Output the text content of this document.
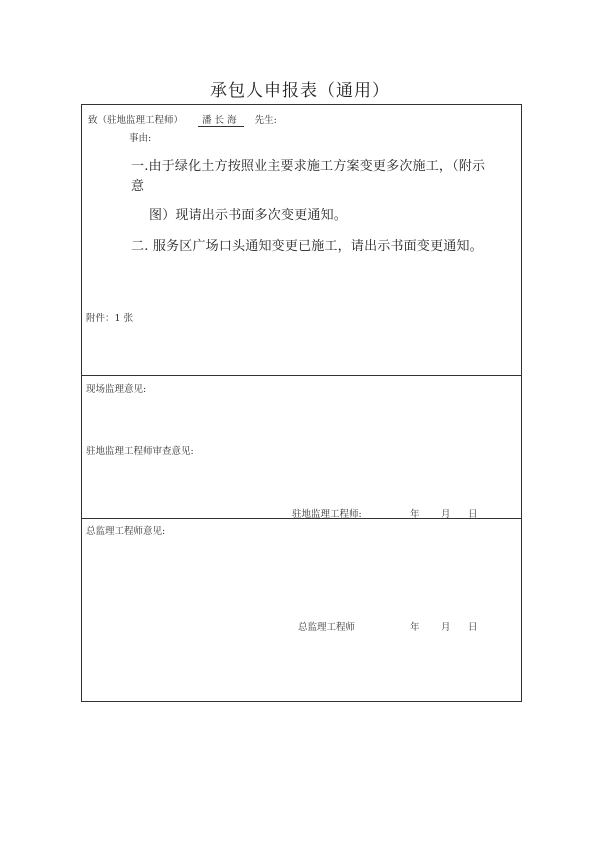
承包人申报表（通用）
致（驻地监理工程师） 潘长海 先生:
事由:
一.由于绿化土方按照业主要求施工方案变更多次施工，（附示
意
图）现请出示书面多次变更通知。
二. 服务区广场口头通知变更已施工，请出示书面变更通知。
附件：1 张
现场监理意见:
驻地监理工程师审查意见:
驻地监理工程师:	年 月 日
总监理工程师意见:
总监理工程师	年 月 日
